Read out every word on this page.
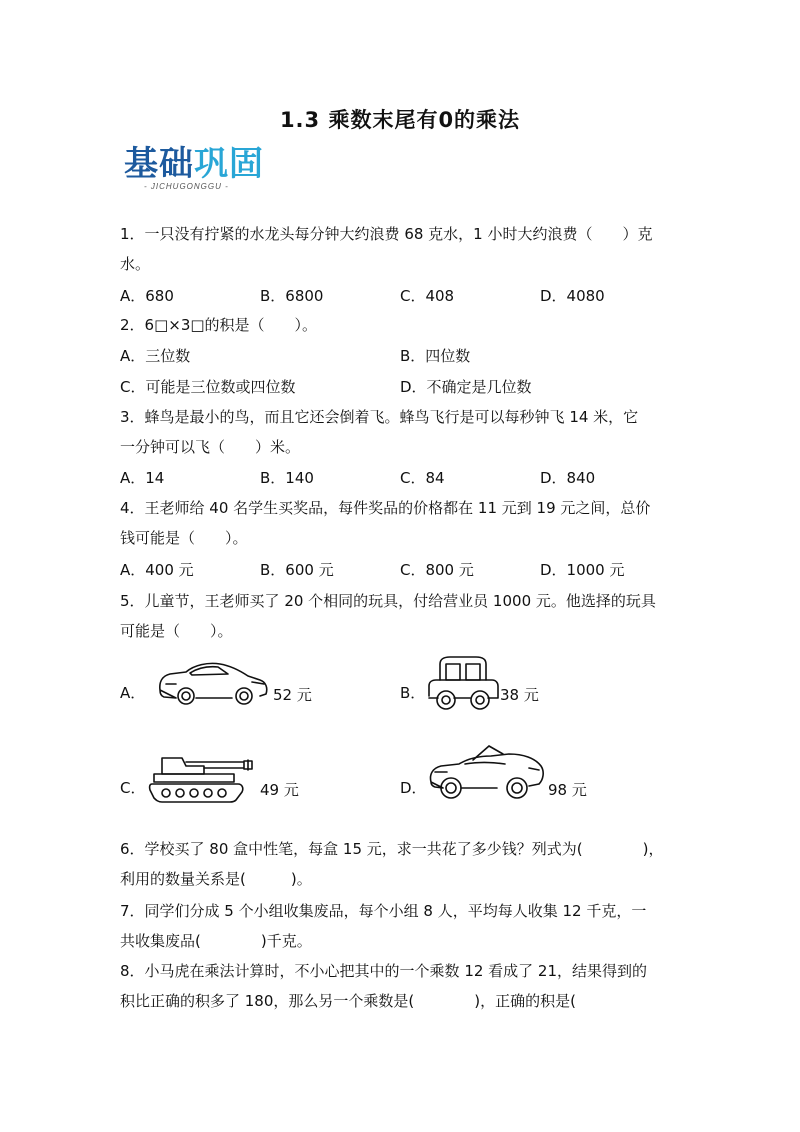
1.3 乘数末尾有0的乘法
基础巩固
- JICHUGONGGU -
1．一只没有拧紧的水龙头每分钟大约浪费 68 克水，1 小时大约浪费（　　）克
水。
A．680	B．6800	C．408	D．4080
2．6□×3□的积是（　　）。
A．三位数	B．四位数
C．可能是三位数或四位数	D．不确定是几位数
3．蜂鸟是最小的鸟，而且它还会倒着飞。蜂鸟飞行是可以每秒钟飞 14 米，它
一分钟可以飞（　　）米。
A．14	B．140	C．84	D．840
4．王老师给 40 名学生买奖品，每件奖品的价格都在 11 元到 19 元之间，总价
钱可能是（　　）。
A．400 元	B．600 元	C．800 元	D．1000 元
5．儿童节，王老师买了 20 个相同的玩具，付给营业员 1000 元。他选择的玩具
可能是（　　）。
A．	52 元	B．	38 元
C．	49 元	D．	98 元
6．学校买了 80 盒中性笔，每盒 15 元，求一共花了多少钱？列式为(　　　　)，
利用的数量关系是(　　　)。
7．同学们分成 5 个小组收集废品，每个小组 8 人，平均每人收集 12 千克，一
共收集废品(　　　　)千克。
8．小马虎在乘法计算时，不小心把其中的一个乘数 12 看成了 21，结果得到的
积比正确的积多了 180，那么另一个乘数是(　　　　)，正确的积是(
